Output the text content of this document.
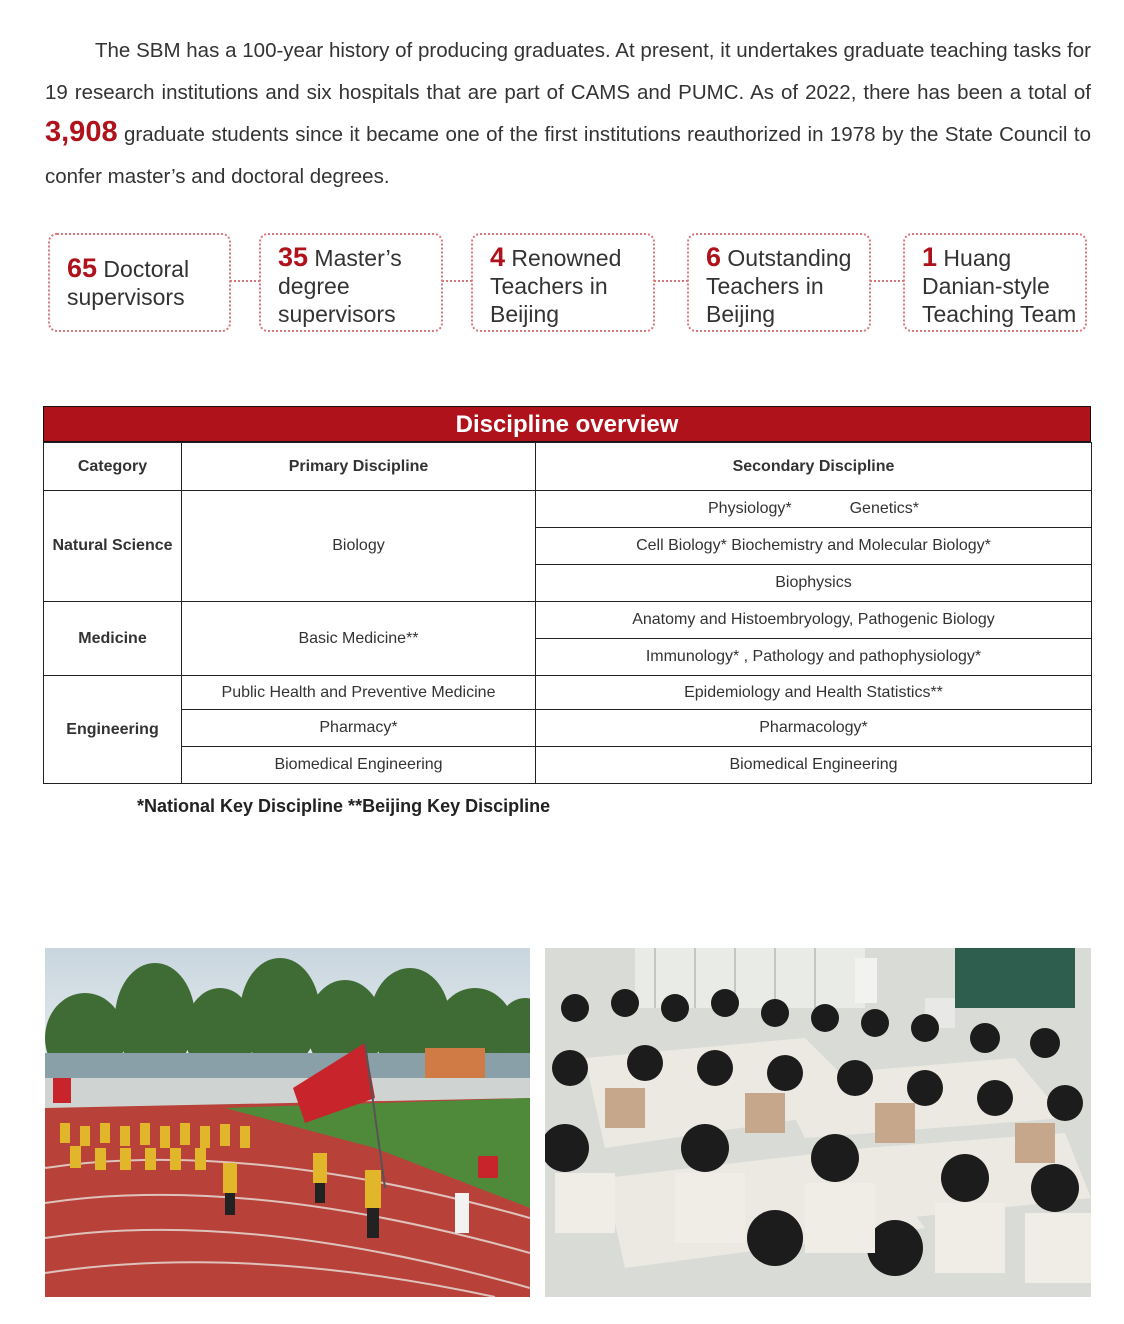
The SBM has a 100-year history of producing graduates. At present, it undertakes graduate teaching tasks for 19 research institutions and six hospitals that are part of CAMS and PUMC. As of 2022, there has been a total of 3,908 graduate students since it became one of the first institutions reauthorized in 1978 by the State Council to confer master’s and doctoral degrees.

65 Doctoral
supervisors
35 Master’s
degree
supervisors
4 Renowned
Teachers in
Beijing
6 Outstanding
Teachers in
Beijing
1 Huang
Danian-style
Teaching Team
Discipline overview
Category	Primary Discipline	Secondary Discipline
Natural Science	Biology	Physiology* Genetics*
		Cell Biology* Biochemistry and Molecular Biology*
		Biophysics
Medicine	Basic Medicine**	Anatomy and Histoembryology, Pathogenic Biology
		Immunology* , Pathology and pathophysiology*
Engineering	Public Health and Preventive Medicine	Epidemiology and Health Statistics**
	Pharmacy*	Pharmacology*
	Biomedical Engineering	Biomedical Engineering
*National Key Discipline **Beijing Key Discipline
